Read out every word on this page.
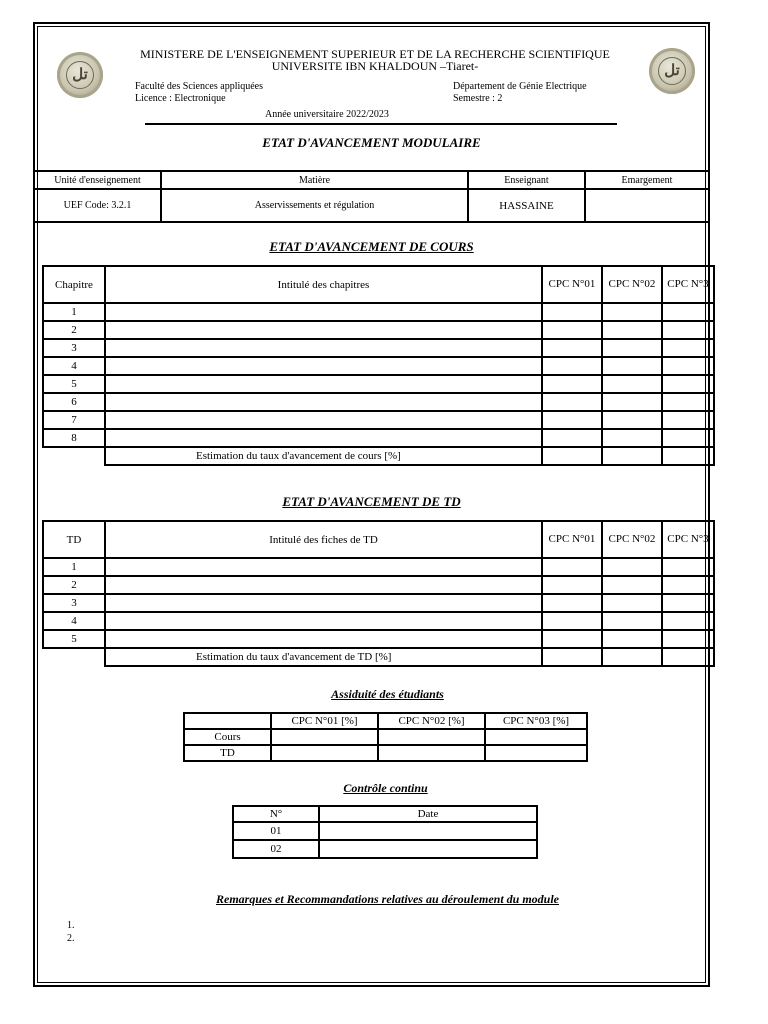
تل	تل
MINISTERE DE L'ENSEIGNEMENT SUPERIEUR ET DE LA RECHERCHE SCIENTIFIQUE
UNIVERSITE IBN KHALDOUN –Tiaret-
Faculté des Sciences appliquées
Licence : Electronique
Département de Génie Electrique
Semestre : 2
Année universitaire 2022/2023
ETAT D'AVANCEMENT MODULAIRE
Unité d'enseignement	Matière	Enseignant	Emargement
UEF Code: 3.2.1	Asservissements et régulation	HASSAINE	
ETAT D'AVANCEMENT DE COURS
Chapitre	Intitulé des chapitres	CPC N°01	CPC N°02	CPC N°3
1				
2				
3				
4				
5				
6				
7				
8				
	Estimation du taux d'avancement de cours [%]			
ETAT D'AVANCEMENT DE TD
TD	Intitulé des fiches de TD	CPC N°01	CPC N°02	CPC N°3
1				
2				
3				
4				
5				
	Estimation du taux d'avancement de TD [%]			
Assiduité des étudiants
	CPC N°01 [%]	CPC N°02 [%]	CPC N°03 [%]
Cours			
TD			
Contrôle continu
N°	Date
01	
02	
Remarques et Recommandations relatives au déroulement du module
1.
2.
